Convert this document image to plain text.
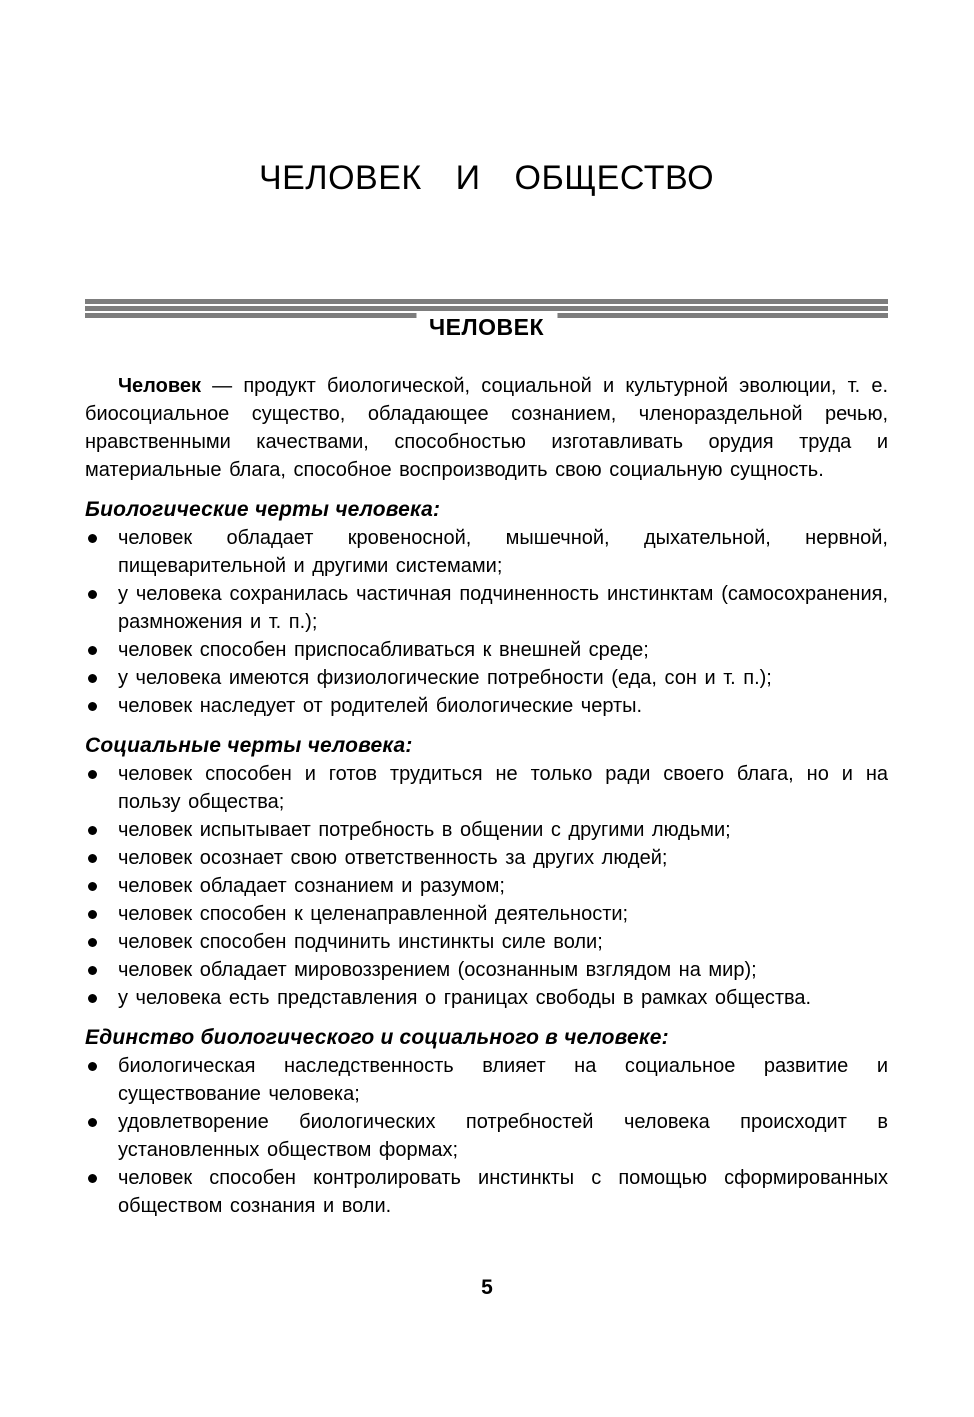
ЧЕЛОВЕК И ОБЩЕСТВО
ЧЕЛОВЕК

Человек — продукт биологической, социальной и культурной эволюции, т. е. биосоциальное существо, обладающее сознанием, членораздельной речью, нравственными качествами, способностью изготавливать орудия труда и материальные блага, способное воспроизводить свою социальную сущность.

Биологические черты человека:
человек обладает кровеносной, мышечной, дыхательной, нервной, пищеварительной и другими системами;
у человека сохранилась частичная подчиненность инстинктам (самосохранения, размножения и т. п.);
человек способен приспосабливаться к внешней среде;
у человека имеются физиологические потребности (еда, сон и т. п.);
человек наследует от родителей биологические черты.
Социальные черты человека:
человек способен и готов трудиться не только ради своего блага, но и на пользу общества;
человек испытывает потребность в общении с другими людьми;
человек осознает свою ответственность за других людей;
человек обладает сознанием и разумом;
человек способен к целенаправленной деятельности;
человек способен подчинить инстинкты силе воли;
человек обладает мировоззрением (осознанным взглядом на мир);
у человека есть представления о границах свободы в рамках общества.
Единство биологического и социального в человеке:
биологическая наследственность влияет на социальное развитие и существование человека;
удовлетворение биологических потребностей человека происходит в установленных обществом формах;
человек способен контролировать инстинкты с помощью сформированных обществом сознания и воли.
5
